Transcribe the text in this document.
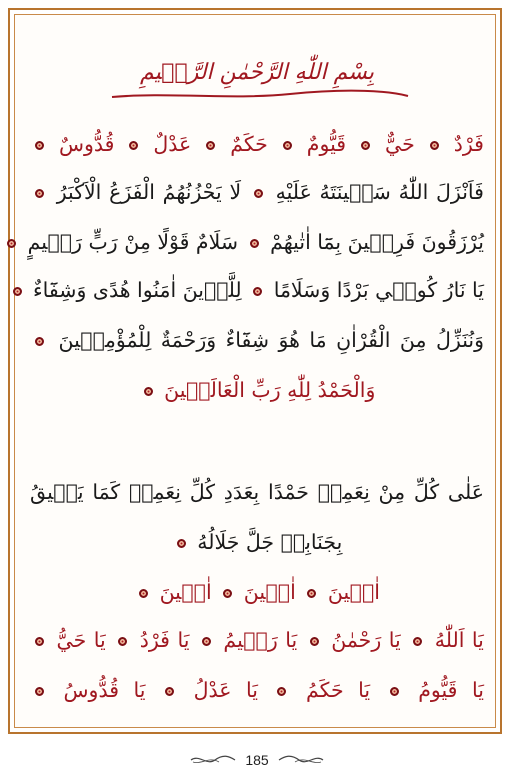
بِسْمِ اللّٰهِ الرَّحْمٰنِ الرَّح۪يمِ
فَرْدٌ  حَيٌّ  قَيُّومٌ  حَكَمٌ  عَدْلٌ  قُدُّوسٌ
فَاَنْزَلَ اللّٰهُ سَك۪ينَتَهُ عَلَيْهِ  لَا يَحْزُنُهُمُ الْفَزَعُ الْاَكْبَرُ
يُرْزَقُونَ فَرِح۪ينَ بِمَٓا اٰتٰيهُمْ  سَلَامٌ قَوْلًا مِنْ رَبٍّ رَح۪يمٍ
يَا نَارُ كُون۪ي بَرْدًا وَسَلَامًا  لِلَّذ۪ينَ اٰمَنُوا هُدًى وَشِفَٓاءٌ
وَنُنَزِّلُ مِنَ الْقُرْاٰنِ مَا هُوَ شِفَٓاءٌ وَرَحْمَةٌ لِلْمُؤْمِن۪ينَ
وَالْحَمْدُ لِلّٰهِ رَبِّ الْعَالَم۪ينَ
عَلٰى كُلِّ مِنْ نِعَمِه۪ حَمْدًا بِعَدَدِ كُلِّ نِعَمِه۪ كَمَا يَل۪يقُ
بِجَنَابِه۪ جَلَّ جَلَالُهُ
اٰم۪ينَ  اٰم۪ينَ  اٰم۪ينَ
يَا اَللّٰهُ  يَا رَحْمٰنُ  يَا رَح۪يمُ  يَا فَرْدُ  يَا حَيُّ
يَا قَيُّومُ  يَا حَكَمُ  يَا عَدْلُ  يَا قُدُّوسُ
185
